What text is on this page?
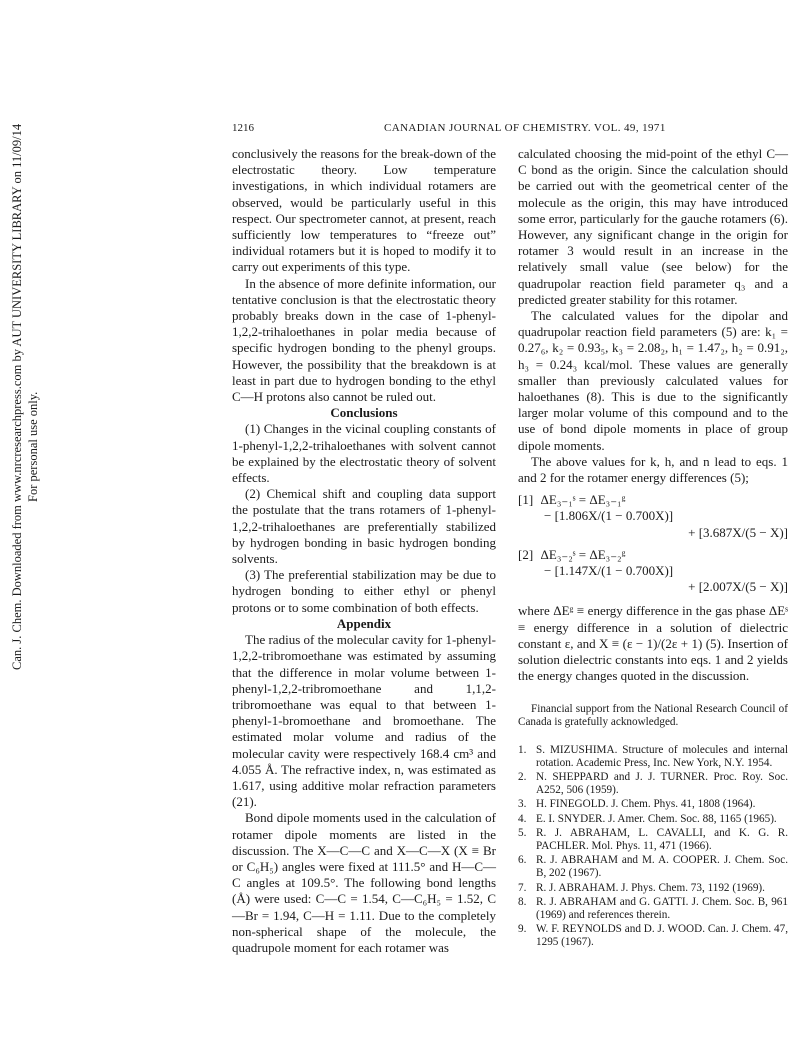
Can. J. Chem. Downloaded from www.nrcresearchpress.com by AUT UNIVERSITY LIBRARY on 11/09/14 For personal use only.
1216	CANADIAN JOURNAL OF CHEMISTRY. VOL. 49, 1971

conclusively the reasons for the break-down of the electrostatic theory. Low temperature investigations, in which individual rotamers are observed, would be particularly useful in this respect. Our spectrometer cannot, at present, reach sufficiently low temperatures to “freeze out” individual rotamers but it is hoped to modify it to carry out experiments of this type.

In the absence of more definite information, our tentative conclusion is that the electrostatic theory probably breaks down in the case of 1-phenyl-1,2,2-trihaloethanes in polar media because of specific hydrogen bonding to the phenyl groups. However, the possibility that the breakdown is at least in part due to hydrogen bonding to the ethyl C—H protons also cannot be ruled out.

Conclusions

(1) Changes in the vicinal coupling constants of 1-phenyl-1,2,2-trihaloethanes with solvent cannot be explained by the electrostatic theory of solvent effects.

(2) Chemical shift and coupling data support the postulate that the trans rotamers of 1-phenyl-1,2,2-trihaloethanes are preferentially stabilized by hydrogen bonding in basic hydrogen bonding solvents.

(3) The preferential stabilization may be due to hydrogen bonding to either ethyl or phenyl protons or to some combination of both effects.

Appendix

The radius of the molecular cavity for 1-phenyl-1,2,2-tribromoethane was estimated by assuming that the difference in molar volume between 1-phenyl-1,2,2-tribromoethane and 1,1,2-tribromoethane was equal to that between 1-phenyl-1-bromoethane and bromoethane. The estimated molar volume and radius of the molecular cavity were respectively 168.4 cm³ and 4.055 Å. The refractive index, n, was estimated as 1.617, using additive molar refraction parameters (21).

Bond dipole moments used in the calculation of rotamer dipole moments are listed in the discussion. The X—C—C and X—C—X (X ≡ Br or C₆H₅) angles were fixed at 111.5° and H—C—C angles at 109.5°. The following bond lengths (Å) were used: C—C = 1.54, C—C₆H₅ = 1.52, C—Br = 1.94, C—H = 1.11. Due to the completely non-spherical shape of the molecule, the quadrupole moment for each rotamer was

calculated choosing the mid-point of the ethyl C—C bond as the origin. Since the calculation should be carried out with the geometrical center of the molecule as the origin, this may have introduced some error, particularly for the gauche rotamers (6). However, any significant change in the origin for rotamer 3 would result in an increase in the relatively small value (see below) for the quadrupolar reaction field parameter q₃ and a predicted greater stability for this rotamer.

The calculated values for the dipolar and quadrupolar reaction field parameters (5) are: k₁ = 0.27₆, k₂ = 0.93₅, k₃ = 2.08₂, h₁ = 1.47₂, h₂ = 0.91₂, h₃ = 0.24₃ kcal/mol. These values are generally smaller than previously calculated values for haloethanes (8). This is due to the significantly larger molar volume of this compound and to the use of bond dipole moments in place of group dipole moments.

The above values for k, h, and n lead to eqs. 1 and 2 for the rotamer energy differences (5);

[1] ΔE₃₋₁ˢ = ΔE₃₋₁ᵍ

− [1.806X/(1 − 0.700X)]

+ [3.687X/(5 − X)]

[2] ΔE₃₋₂ˢ = ΔE₃₋₂ᵍ

− [1.147X/(1 − 0.700X)]

+ [2.007X/(5 − X)]

where ΔEᵍ ≡ energy difference in the gas phase ΔEˢ ≡ energy difference in a solution of dielectric constant ε, and X ≡ (ε − 1)/(2ε + 1) (5). Insertion of solution dielectric constants into eqs. 1 and 2 yields the energy changes quoted in the discussion.

Financial support from the National Research Council of Canada is gratefully acknowledged.

1. S. MIZUSHIMA. Structure of molecules and internal rotation. Academic Press, Inc. New York, N.Y. 1954.
2. N. SHEPPARD and J. J. TURNER. Proc. Roy. Soc. A252, 506 (1959).
3. H. FINEGOLD. J. Chem. Phys. 41, 1808 (1964).
4. E. I. SNYDER. J. Amer. Chem. Soc. 88, 1165 (1965).
5. R. J. ABRAHAM, L. CAVALLI, and K. G. R. PACHLER. Mol. Phys. 11, 471 (1966).
6. R. J. ABRAHAM and M. A. COOPER. J. Chem. Soc. B, 202 (1967).
7. R. J. ABRAHAM. J. Phys. Chem. 73, 1192 (1969).
8. R. J. ABRAHAM and G. GATTI. J. Chem. Soc. B, 961 (1969) and references therein.
9. W. F. REYNOLDS and D. J. WOOD. Can. J. Chem. 47, 1295 (1967).
